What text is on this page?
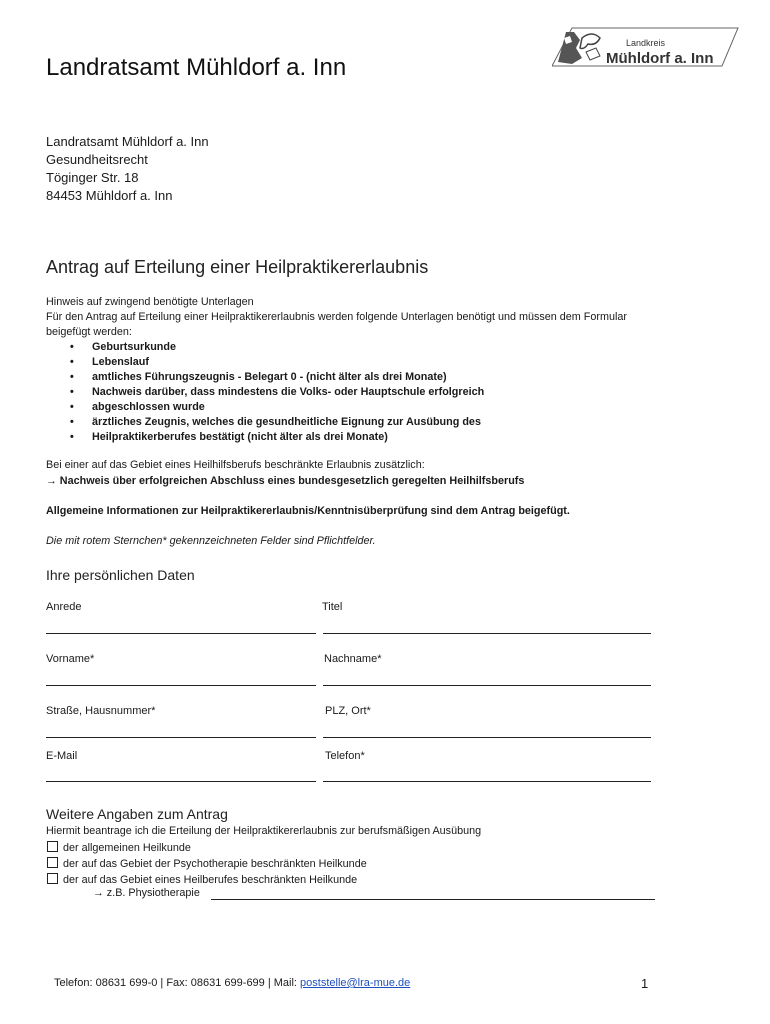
Landratsamt Mühldorf a. Inn
Landkreis
Mühldorf a. Inn
Landratsamt Mühldorf a. Inn
Gesundheitsrecht
Töginger Str. 18
84453 Mühldorf a. Inn
Antrag auf Erteilung einer Heilpraktikererlaubnis
Hinweis auf zwingend benötigte Unterlagen
Für den Antrag auf Erteilung einer Heilpraktikererlaubnis werden folgende Unterlagen benötigt und müssen dem Formular
beigefügt werden:
• Geburtsurkunde
• Lebenslauf
• amtliches Führungszeugnis - Belegart 0 - (nicht älter als drei Monate)
• Nachweis darüber, dass mindestens die Volks- oder Hauptschule erfolgreich
• abgeschlossen wurde
• ärztliches Zeugnis, welches die gesundheitliche Eignung zur Ausübung des
• Heilpraktikerberufes bestätigt (nicht älter als drei Monate)
Bei einer auf das Gebiet eines Heilhilfsberufs beschränkte Erlaubnis zusätzlich:
→ Nachweis über erfolgreichen Abschluss eines bundesgesetzlich geregelten Heilhilfsberufs
Allgemeine Informationen zur Heilpraktikererlaubnis/Kenntnisüberprüfung sind dem Antrag beigefügt.
Die mit rotem Sternchen* gekennzeichneten Felder sind Pflichtfelder.
Ihre persönlichen Daten
Anrede	Titel
Vorname*	Nachname*
Straße, Hausnummer*	PLZ, Ort*
E-Mail	Telefon*
Weitere Angaben zum Antrag
Hiermit beantrage ich die Erteilung der Heilpraktikererlaubnis zur berufsmäßigen Ausübung
der allgemeinen Heilkunde
der auf das Gebiet der Psychotherapie beschränkten Heilkunde
der auf das Gebiet eines Heilberufes beschränkten Heilkunde
→ z.B. Physiotherapie
Telefon: 08631 699-0 | Fax: 08631 699-699 | Mail: poststelle@lra-mue.de	1
